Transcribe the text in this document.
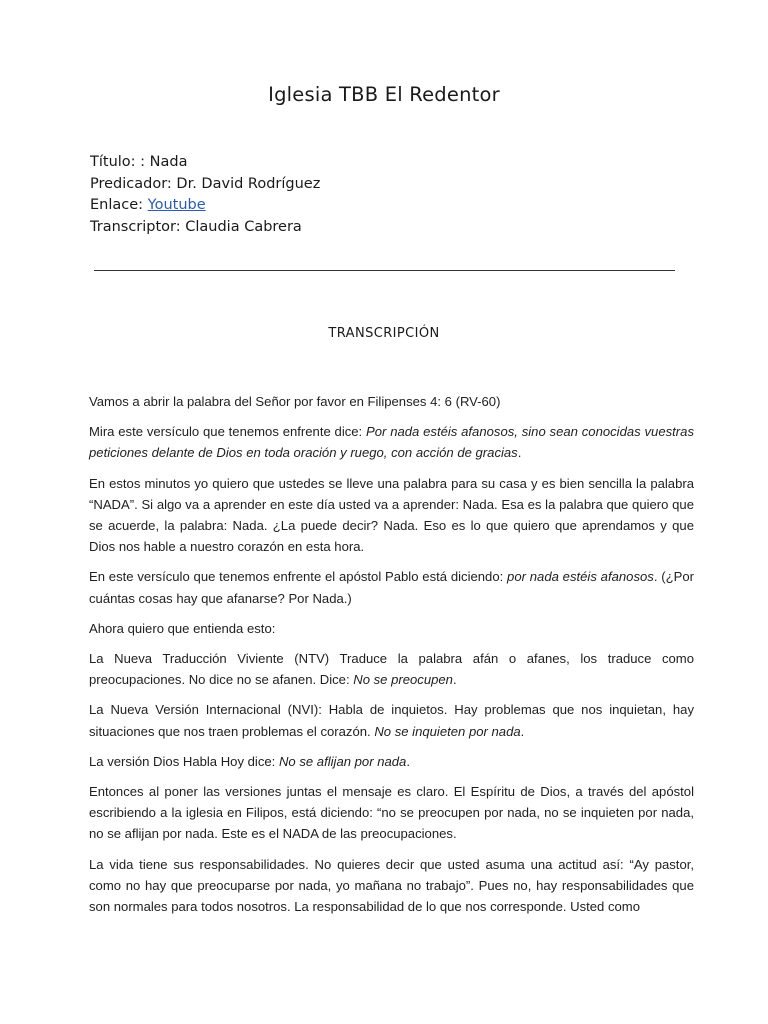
Iglesia TBB El Redentor
Título: : Nada
Predicador: Dr. David Rodríguez
Enlace: Youtube
Transcriptor: Claudia Cabrera
TRANSCRIPCIÓN

Vamos a abrir la palabra del Señor por favor en Filipenses 4: 6 (RV-60)

Mira este versículo que tenemos enfrente dice: Por nada estéis afanosos, sino sean conocidas vuestras peticiones delante de Dios en toda oración y ruego, con acción de gracias.

En estos minutos yo quiero que ustedes se lleve una palabra para su casa y es bien sencilla la palabra “NADA”. Si algo va a aprender en este día usted va a aprender: Nada. Esa es la palabra que quiero que se acuerde, la palabra: Nada. ¿La puede decir? Nada. Eso es lo que quiero que aprendamos y que Dios nos hable a nuestro corazón en esta hora.

En este versículo que tenemos enfrente el apóstol Pablo está diciendo: por nada estéis afanosos. (¿Por cuántas cosas hay que afanarse? Por Nada.)

Ahora quiero que entienda esto:

La Nueva Traducción Viviente (NTV) Traduce la palabra afán o afanes, los traduce como preocupaciones. No dice no se afanen. Dice: No se preocupen.

La Nueva Versión Internacional (NVI): Habla de inquietos. Hay problemas que nos inquietan, hay situaciones que nos traen problemas el corazón. No se inquieten por nada.

La versión Dios Habla Hoy dice: No se aflijan por nada.

Entonces al poner las versiones juntas el mensaje es claro. El Espíritu de Dios, a través del apóstol escribiendo a la iglesia en Filipos, está diciendo: “no se preocupen por nada, no se inquieten por nada, no se aflijan por nada. Este es el NADA de las preocupaciones.

La vida tiene sus responsabilidades. No quieres decir que usted asuma una actitud así: “Ay pastor, como no hay que preocuparse por nada, yo mañana no trabajo”. Pues no, hay responsabilidades que son normales para todos nosotros. La responsabilidad de lo que nos corresponde. Usted como
